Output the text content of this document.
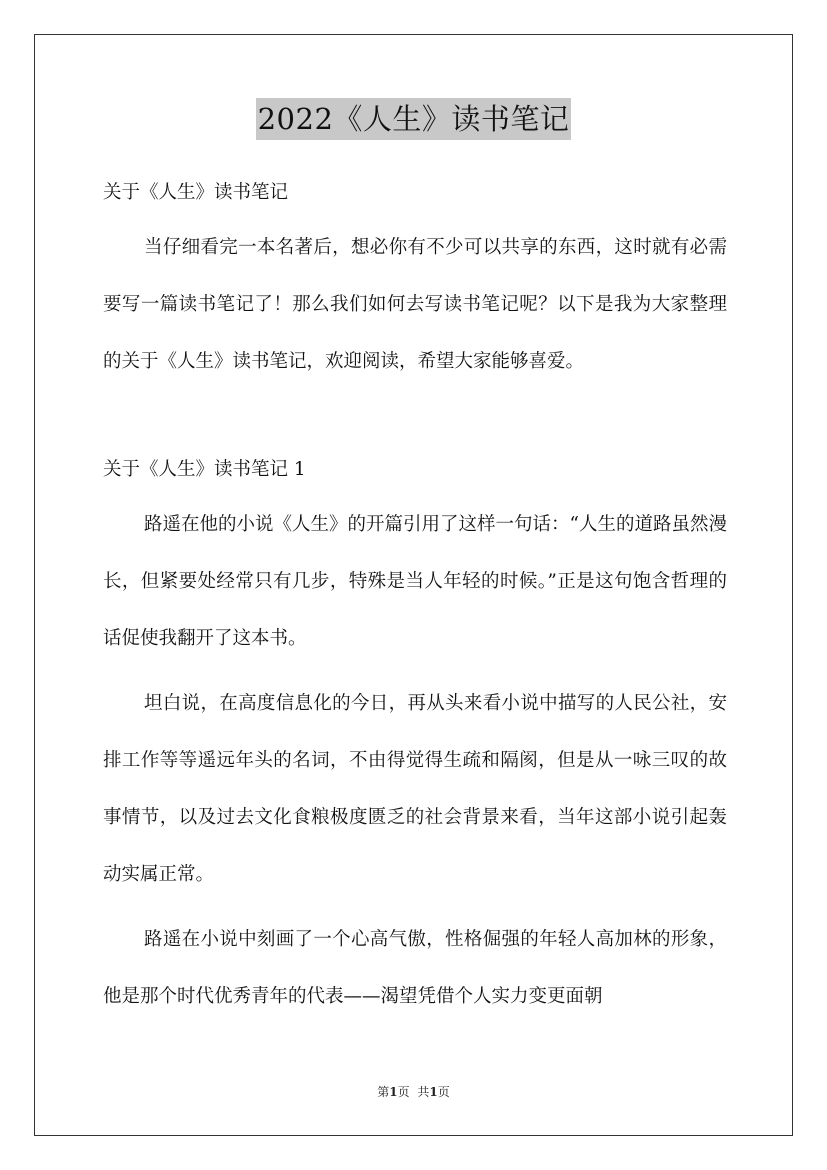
2022《人生》读书笔记

关于《人生》读书笔记

当仔细看完一本名著后，想必你有不少可以共享的东西，这时就有必需要写一篇读书笔记了！那么我们如何去写读书笔记呢？以下是我为大家整理的关于《人生》读书笔记，欢迎阅读，希望大家能够喜爱。

关于《人生》读书笔记 1

路遥在他的小说《人生》的开篇引用了这样一句话：“人生的道路虽然漫长，但紧要处经常只有几步，特殊是当人年轻的时候。”正是这句饱含哲理的话促使我翻开了这本书。

坦白说，在高度信息化的今日，再从头来看小说中描写的人民公社，安排工作等等遥远年头的名词，不由得觉得生疏和隔阂，但是从一咏三叹的故事情节，以及过去文化食粮极度匮乏的社会背景来看，当年这部小说引起轰动实属正常。

路遥在小说中刻画了一个心高气傲，性格倔强的年轻人高加林的形象，他是那个时代优秀青年的代表——渴望凭借个人实力变更面朝

第1页 共1页
